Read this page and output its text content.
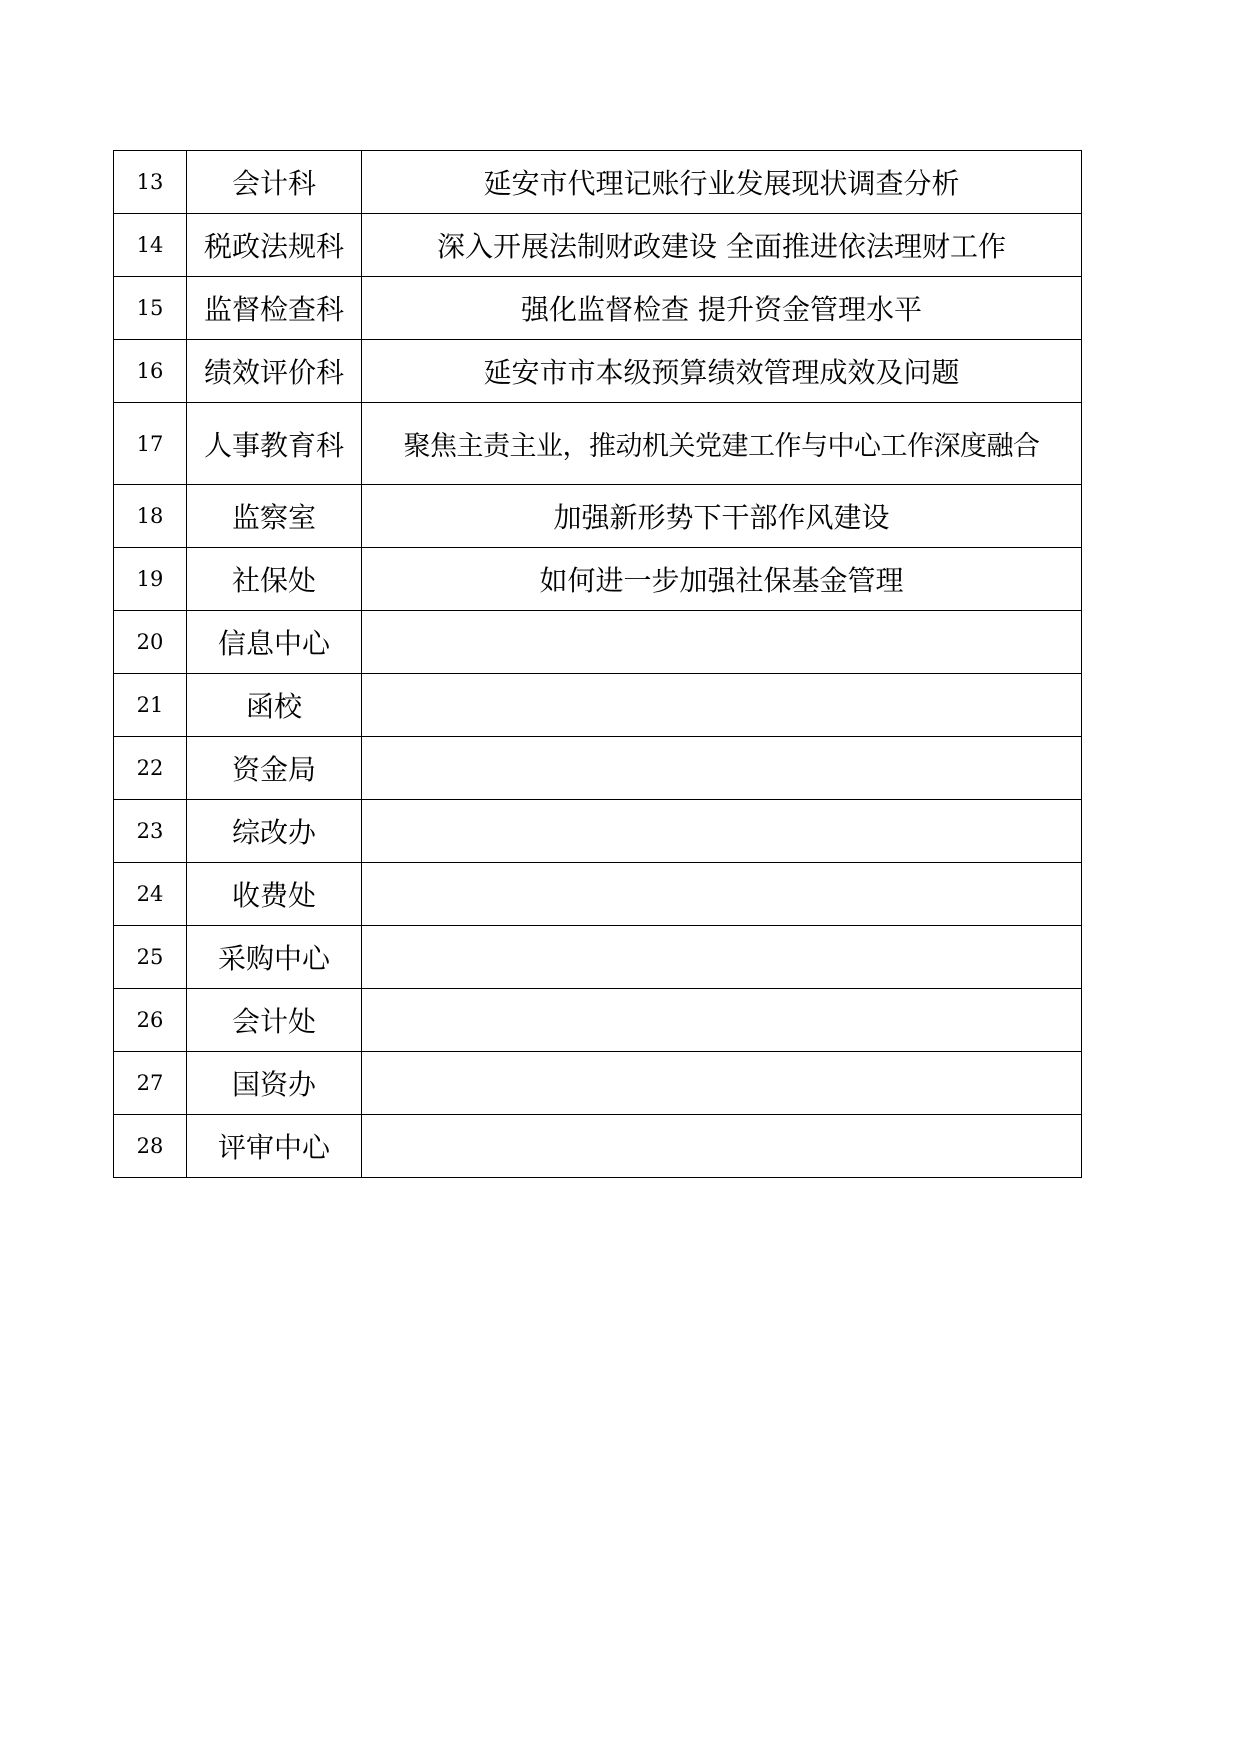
13	会计科	延安市代理记账行业发展现状调查分析
14	税政法规科	深入开展法制财政建设 全面推进依法理财工作
15	监督检查科	强化监督检查 提升资金管理水平
16	绩效评价科	延安市市本级预算绩效管理成效及问题
17	人事教育科	聚焦主责主业，推动机关党建工作与中心工作深度融合
18	监察室	加强新形势下干部作风建设
19	社保处	如何进一步加强社保基金管理
20	信息中心	
21	函校	
22	资金局	
23	综改办	
24	收费处	
25	采购中心	
26	会计处	
27	国资办	
28	评审中心	
